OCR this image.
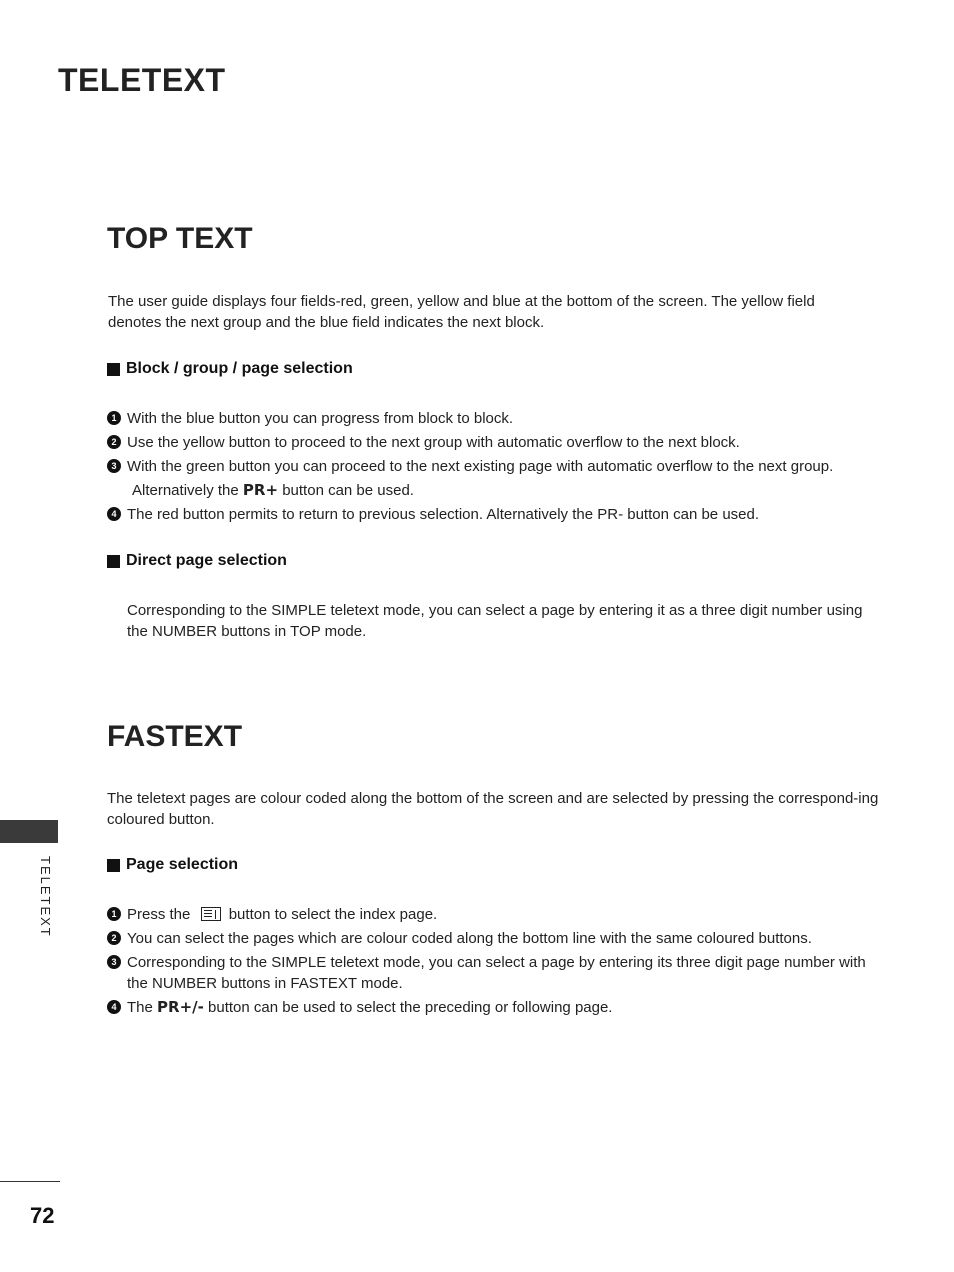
TELETEXT
TOP TEXT
The user guide displays four fields-red, green, yellow and blue at the bottom of the screen. The yellow field denotes the next group and the blue field indicates the next block.
Block / group / page selection
1 With the blue button you can progress from block to block.
2 Use the yellow button to proceed to the next group with automatic overflow to the next block.
3 With the green button you can proceed to the next existing page with automatic overflow to the next group.
Alternatively the PR+ button can be used.
4 The red button permits to return to previous selection. Alternatively the PR- button can be used.
Direct page selection
Corresponding to the SIMPLE teletext mode, you can select a page by entering it as a three digit number using the NUMBER buttons in TOP mode.
FASTEXT
The teletext pages are colour coded along the bottom of the screen and are selected by pressing the correspond-ing coloured button.
Page selection
1 Press the	button to select the index page.
2 You can select the pages which are colour coded along the bottom line with the same coloured buttons.
3 Corresponding to the SIMPLE teletext mode, you can select a page by entering its three digit page number with the NUMBER buttons in FASTEXT mode.
4 The PR+/- button can be used to select the preceding or following page.
TELETEXT
72
